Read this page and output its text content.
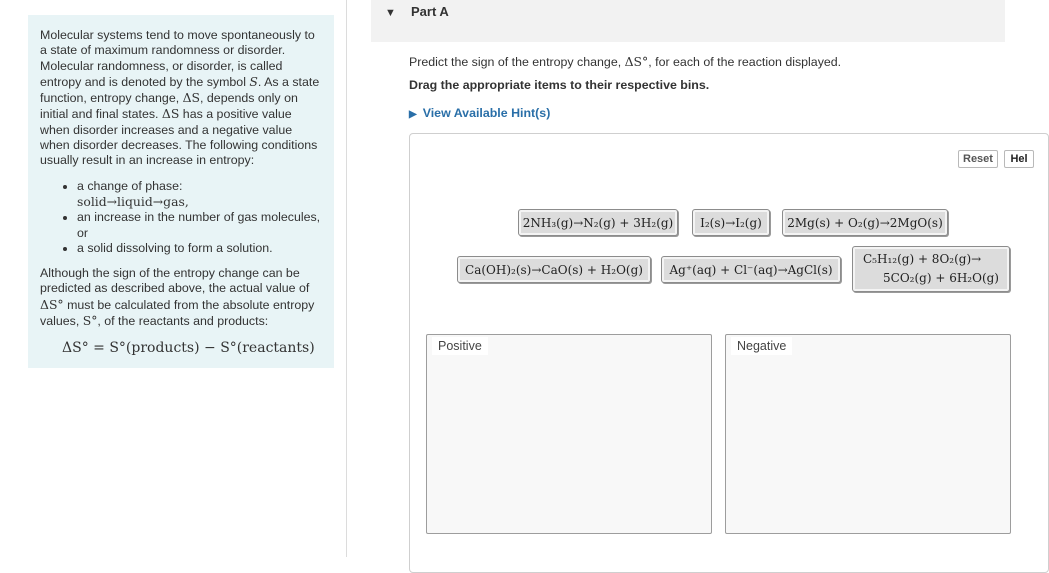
Molecular systems tend to move spontaneously to a state of maximum randomness or disorder. Molecular randomness, or disorder, is called entropy and is denoted by the symbol S. As a state function, entropy change, ΔS, depends only on initial and final states. ΔS has a positive value when disorder increases and a negative value when disorder decreases. The following conditions usually result in an increase in entropy:

• a change of phase:
solid→liquid→gas,
• an increase in the number of gas molecules, or
• a solid dissolving to form a solution.

Although the sign of the entropy change can be predicted as described above, the actual value of ΔS° must be calculated from the absolute entropy values, S°, of the reactants and products:

ΔS° = S°(products) − S°(reactants)
▼ Part A
Predict the sign of the entropy change, ΔS°, for each of the reaction displayed.
Drag the appropriate items to their respective bins.
▶ View Available Hint(s)
Reset	Hel
2NH₃(g)→N₂(g) + 3H₂(g) I₂(s)→I₂(g) 2Mg(s) + O₂(g)→2MgO(s)
Ca(OH)₂(s)→CaO(s) + H₂O(g) Ag⁺(aq) + Cl⁻(aq)→AgCl(s)
C₅H₁₂(g) + 8O₂(g)→
5CO₂(g) + 6H₂O(g)
Positive	Negative
